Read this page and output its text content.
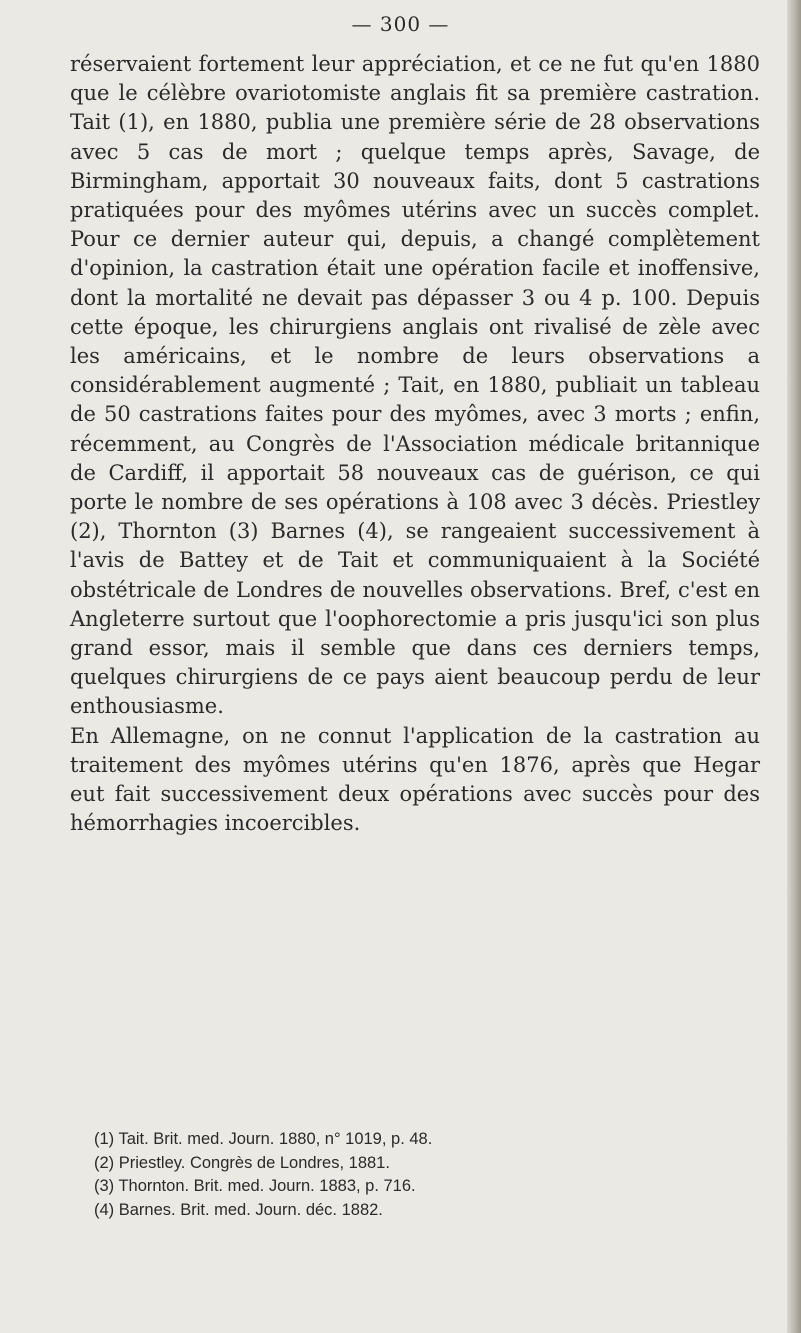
— 300 —

réservaient fortement leur appréciation, et ce ne fut qu'en 1880 que le célèbre ovariotomiste anglais fit sa première castration. Tait (1), en 1880, publia une première série de 28 observations avec 5 cas de mort ; quelque temps après, Savage, de Birmingham, apportait 30 nouveaux faits, dont 5 castrations pratiquées pour des myômes utérins avec un succès complet. Pour ce dernier auteur qui, depuis, a changé complètement d'opinion, la castration était une opération facile et inoffensive, dont la mortalité ne devait pas dépasser 3 ou 4 p. 100. Depuis cette époque, les chirurgiens anglais ont rivalisé de zèle avec les américains, et le nombre de leurs observations a considérablement augmenté ; Tait, en 1880, publiait un tableau de 50 castrations faites pour des myômes, avec 3 morts ; enfin, récemment, au Congrès de l'Association médicale britannique de Cardiff, il apportait 58 nouveaux cas de guérison, ce qui porte le nombre de ses opérations à 108 avec 3 décès. Priestley (2), Thornton (3) Barnes (4), se rangeaient successivement à l'avis de Battey et de Tait et communiquaient à la Société obstétricale de Londres de nouvelles observations. Bref, c'est en Angleterre surtout que l'oophorectomie a pris jusqu'ici son plus grand essor, mais il semble que dans ces derniers temps, quelques chirurgiens de ce pays aient beaucoup perdu de leur enthousiasme.

En Allemagne, on ne connut l'application de la castration au traitement des myômes utérins qu'en 1876, après que Hegar eut fait successivement deux opérations avec succès pour des hémorrhagies incoercibles.

(1) Tait. Brit. med. Journ. 1880, n° 1019, p. 48.
(2) Priestley. Congrès de Londres, 1881.
(3) Thornton. Brit. med. Journ. 1883, p. 716.
(4) Barnes. Brit. med. Journ. déc. 1882.
